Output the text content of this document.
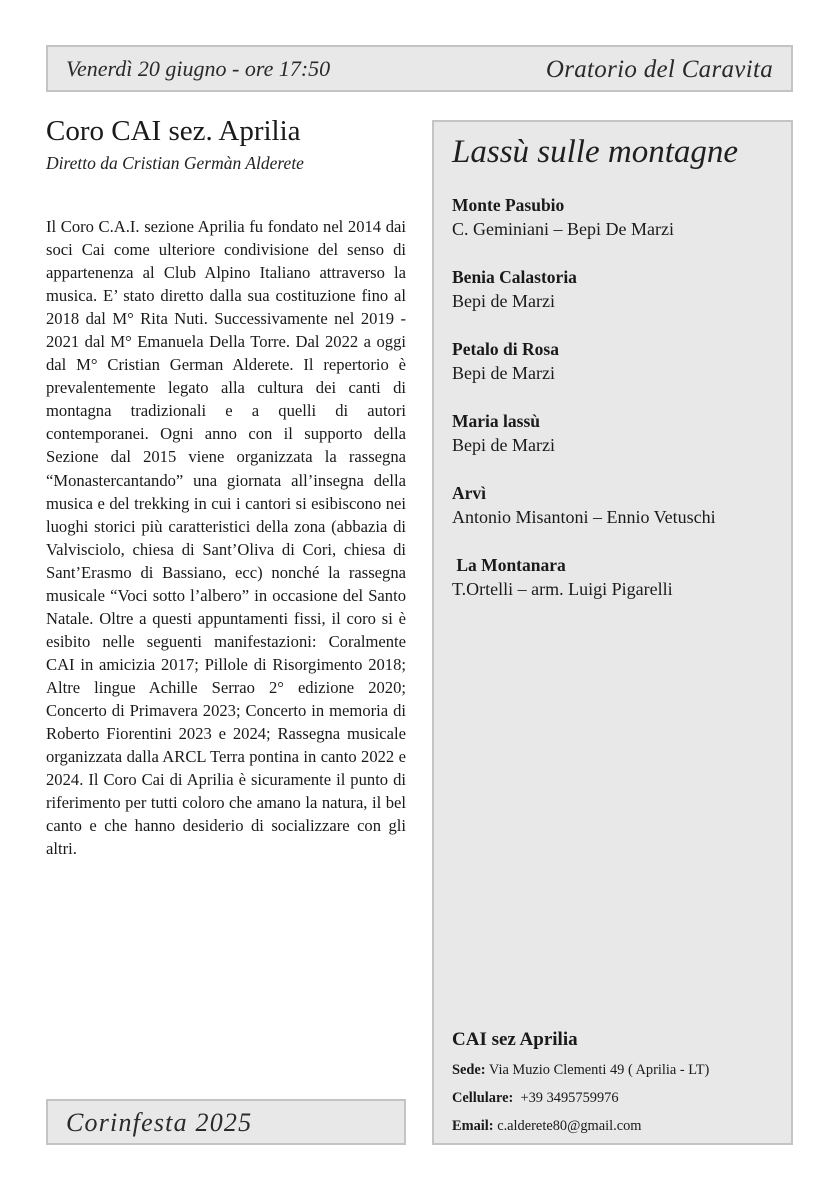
Venerdì 20 giugno - ore 17:50	Oratorio del Caravita
Coro CAI sez. Aprilia
Diretto da Cristian Germàn Alderete
Il Coro C.A.I. sezione Aprilia fu fondato nel 2014 dai soci Cai come ulteriore condivisione del senso di appartenenza al Club Alpino Italiano attraverso la musica. E’ stato diretto dalla sua costituzione fino al 2018 dal M° Rita Nuti. Successivamente nel 2019 - 2021 dal M° Emanuela Della Torre. Dal 2022 a oggi dal M° Cristian German Alderete. Il repertorio è prevalentemente legato alla cultura dei canti di montagna tradizionali e a quelli di autori contemporanei. Ogni anno con il supporto della Sezione dal 2015 viene organizzata la rassegna “Monastercantando” una giornata all’insegna della musica e del trekking in cui i cantori si esibiscono nei luoghi storici più caratteristici della zona (abbazia di Valvisciolo, chiesa di Sant’Oliva di Cori, chiesa di Sant’Erasmo di Bassiano, ecc) nonché la rassegna musicale “Voci sotto l’albero” in occasione del Santo Natale. Oltre a questi appuntamenti fissi, il coro si è esibito nelle seguenti manifestazioni: Coralmente CAI in amicizia 2017; Pillole di Risorgimento 2018; Altre lingue Achille Serrao 2° edizione 2020; Concerto di Primavera 2023; Concerto in memoria di Roberto Fiorentini 2023 e 2024; Rassegna musicale organizzata dalla ARCL Terra pontina in canto 2022 e 2024. Il Coro Cai di Aprilia è sicuramente il punto di riferimento per tutti coloro che amano la natura, il bel canto e che hanno desiderio di socializzare con gli altri.
Lassù sulle montagne
Monte Pasubio
C. Geminiani – Bepi De Marzi
Benia Calastoria
Bepi de Marzi
Petalo di Rosa
Bepi de Marzi
Maria lassù
Bepi de Marzi
Arvì
Antonio Misantoni – Ennio Vetuschi
La Montanara
T.Ortelli – arm. Luigi Pigarelli
CAI sez Aprilia
Sede: Via Muzio Clementi 49 ( Aprilia - LT)
Cellulare: +39 3495759976
Email: c.alderete80@gmail.com
Corinfesta 2025
